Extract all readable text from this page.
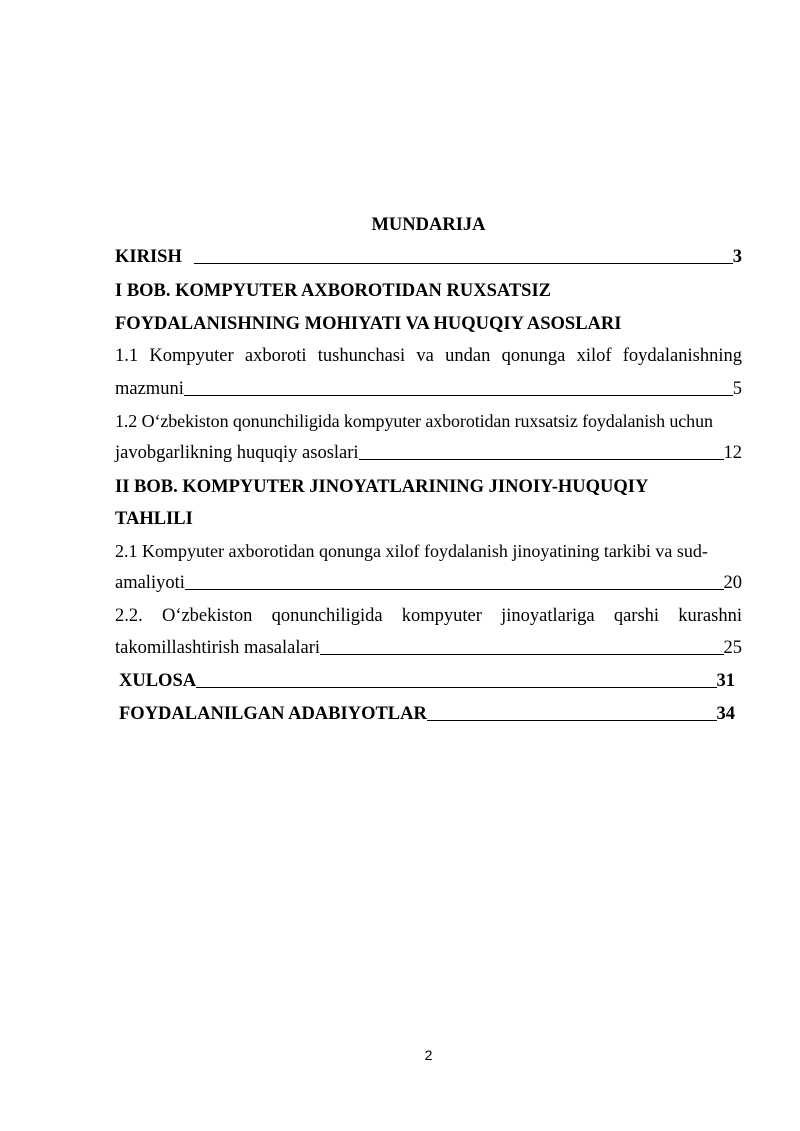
MUNDARIJA
KIRISH	3
I BOB. KOMPYUTER AXBOROTIDAN RUXSATSIZ
FOYDALANISHNING MOHIYATI VA HUQUQIY ASOSLARI
1.1 Kompyuter axboroti tushunchasi va undan qonunga xilof foydalanishning
mazmuni	5
1.2 O‘zbekiston qonunchiligida kompyuter axborotidan ruxsatsiz foydalanish uchun
javobgarlikning huquqiy asoslari	12
II BOB. KOMPYUTER JINOYATLARINING JINOIY-HUQUQIY
TAHLILI
2.1 Kompyuter axborotidan qonunga xilof foydalanish jinoyatining tarkibi va sud-
amaliyoti	20
2.2. O‘zbekiston qonunchiligida kompyuter jinoyatlariga qarshi kurashni
takomillashtirish masalalari	25
XULOSA	31
FOYDALANILGAN ADABIYOTLAR	34
2
